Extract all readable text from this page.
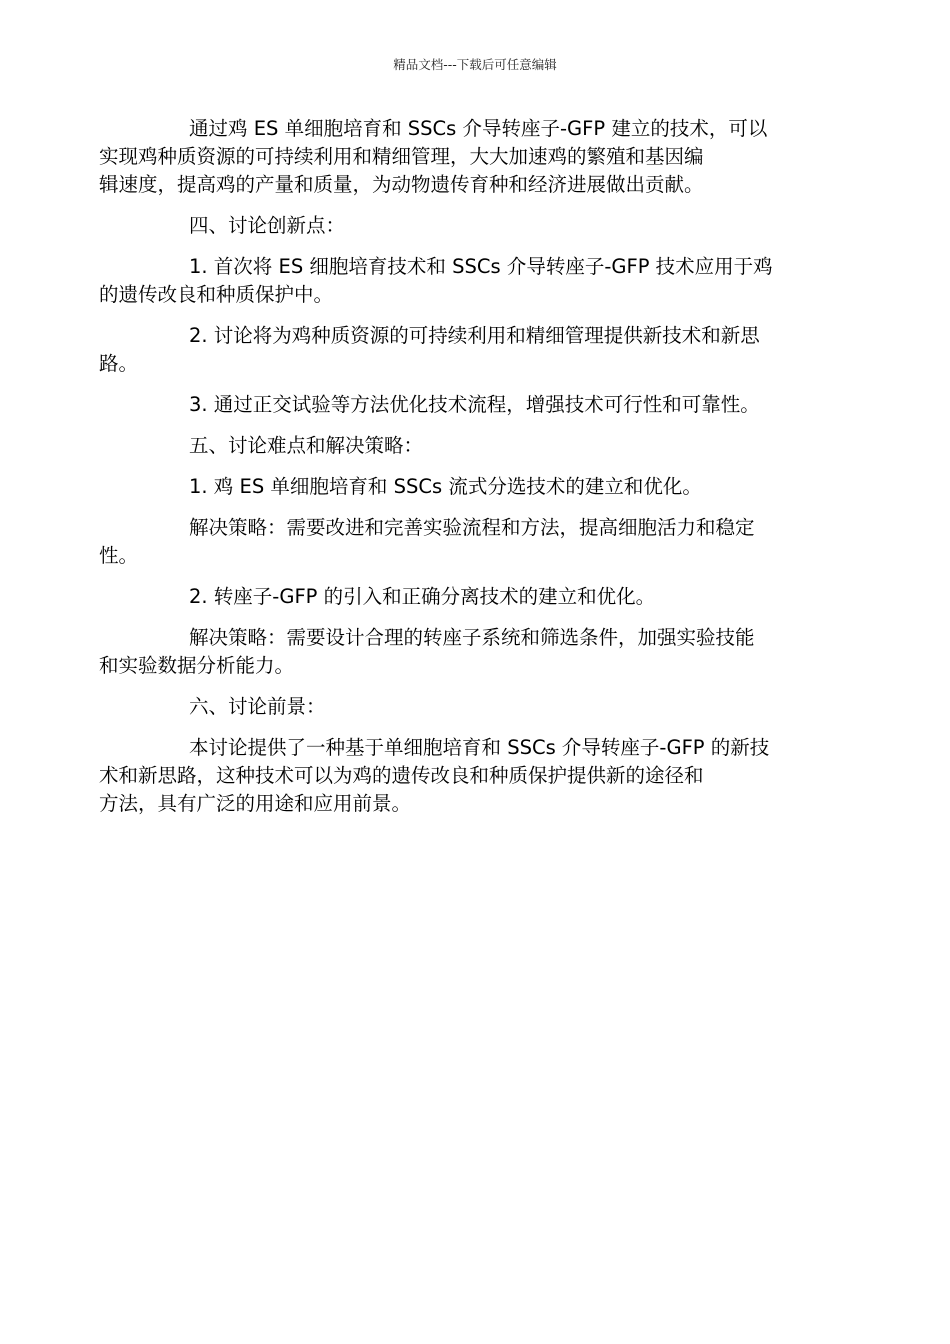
精品文档---下载后可任意编辑

通过鸡 ES 单细胞培育和 SSCs 介导转座子-GFP 建立的技术，可以
实现鸡种质资源的可持续利用和精细管理，大大加速鸡的繁殖和基因编
辑速度，提高鸡的产量和质量，为动物遗传育种和经济进展做出贡献。

四、讨论创新点：

1. 首次将 ES 细胞培育技术和 SSCs 介导转座子-GFP 技术应用于鸡
的遗传改良和种质保护中。

2. 讨论将为鸡种质资源的可持续利用和精细管理提供新技术和新思
路。

3. 通过正交试验等方法优化技术流程，增强技术可行性和可靠性。

五、讨论难点和解决策略：

1. 鸡 ES 单细胞培育和 SSCs 流式分选技术的建立和优化。

解决策略：需要改进和完善实验流程和方法，提高细胞活力和稳定
性。

2. 转座子-GFP 的引入和正确分离技术的建立和优化。

解决策略：需要设计合理的转座子系统和筛选条件，加强实验技能
和实验数据分析能力。

六、讨论前景：

本讨论提供了一种基于单细胞培育和 SSCs 介导转座子-GFP 的新技
术和新思路，这种技术可以为鸡的遗传改良和种质保护提供新的途径和
方法，具有广泛的用途和应用前景。
